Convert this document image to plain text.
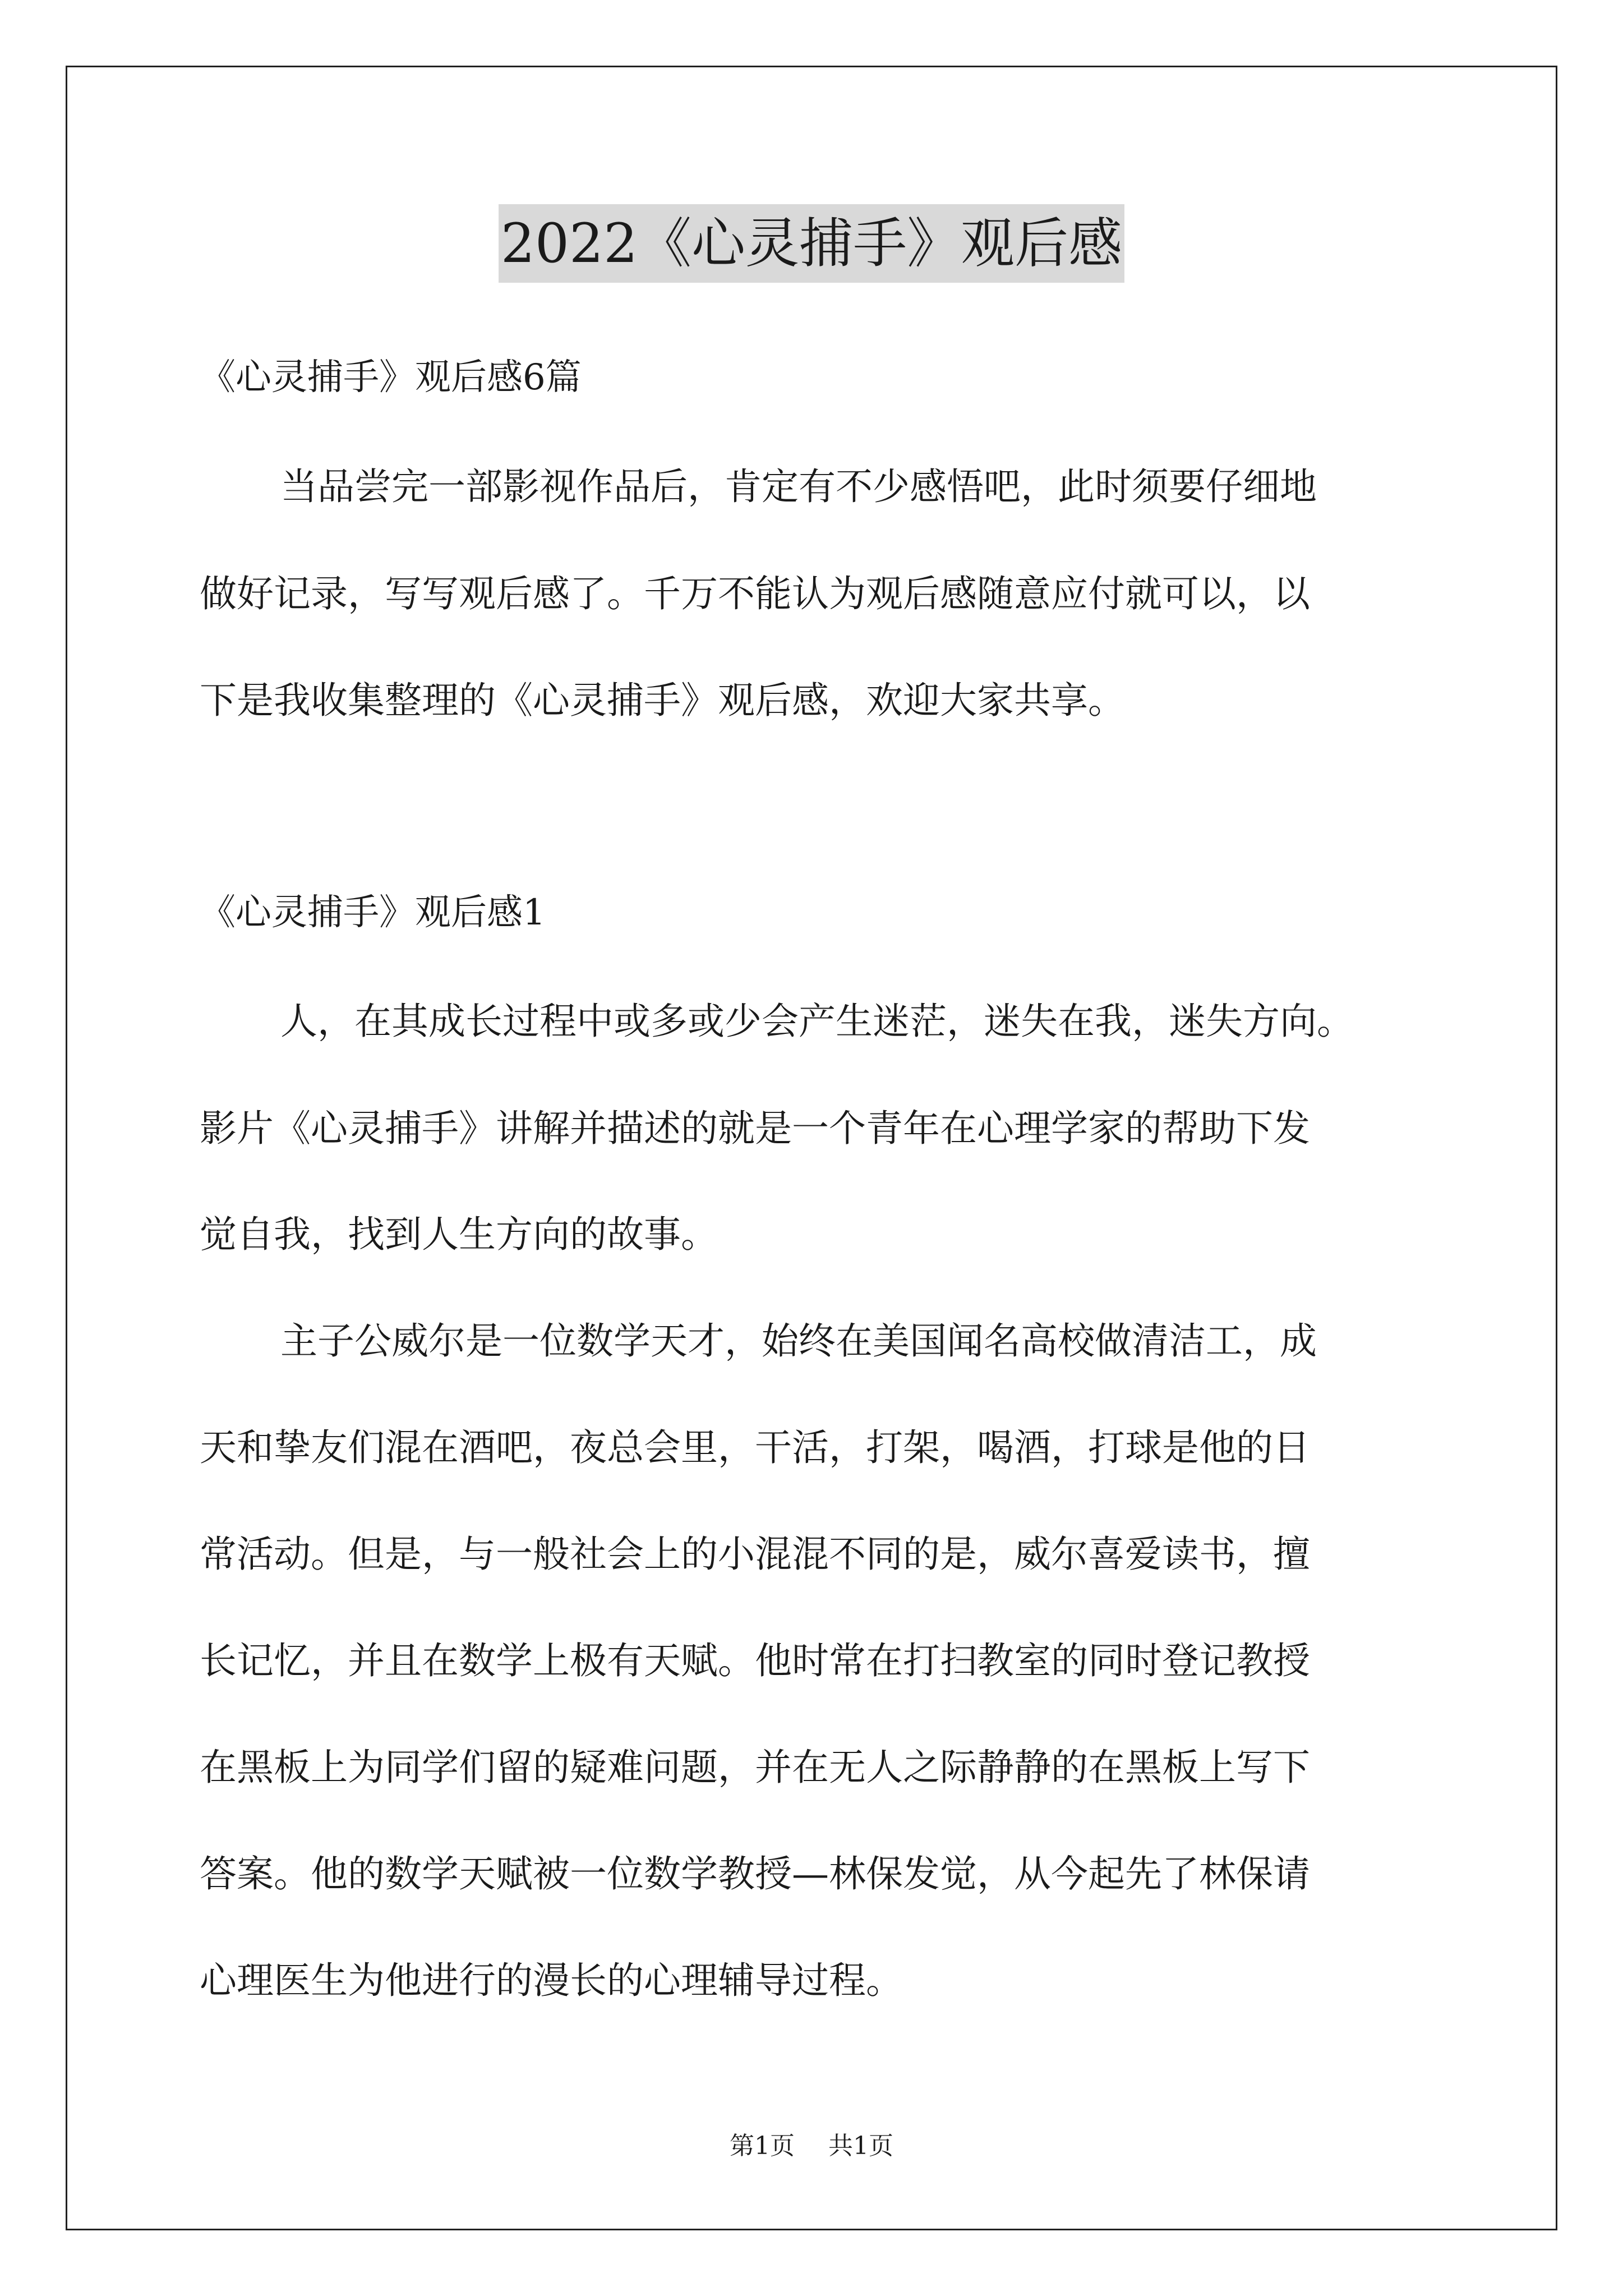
2022《心灵捕手》观后感
《心灵捕手》观后感6篇
当品尝完一部影视作品后，肯定有不少感悟吧，此时须要仔细地
做好记录，写写观后感了。千万不能认为观后感随意应付就可以，以
下是我收集整理的《心灵捕手》观后感，欢迎大家共享。
《心灵捕手》观后感1
人，在其成长过程中或多或少会产生迷茫，迷失在我，迷失方向。
影片《心灵捕手》讲解并描述的就是一个青年在心理学家的帮助下发
觉自我，找到人生方向的故事。
主子公威尔是一位数学天才，始终在美国闻名高校做清洁工，成
天和挚友们混在酒吧，夜总会里，干活，打架，喝酒，打球是他的日
常活动。但是，与一般社会上的小混混不同的是，威尔喜爱读书，擅
长记忆，并且在数学上极有天赋。他时常在打扫教室的同时登记教授
在黑板上为同学们留的疑难问题，并在无人之际静静的在黑板上写下
答案。他的数学天赋被一位数学教授—林保发觉，从今起先了林保请
心理医生为他进行的漫长的心理辅导过程。
第1页 共1页
